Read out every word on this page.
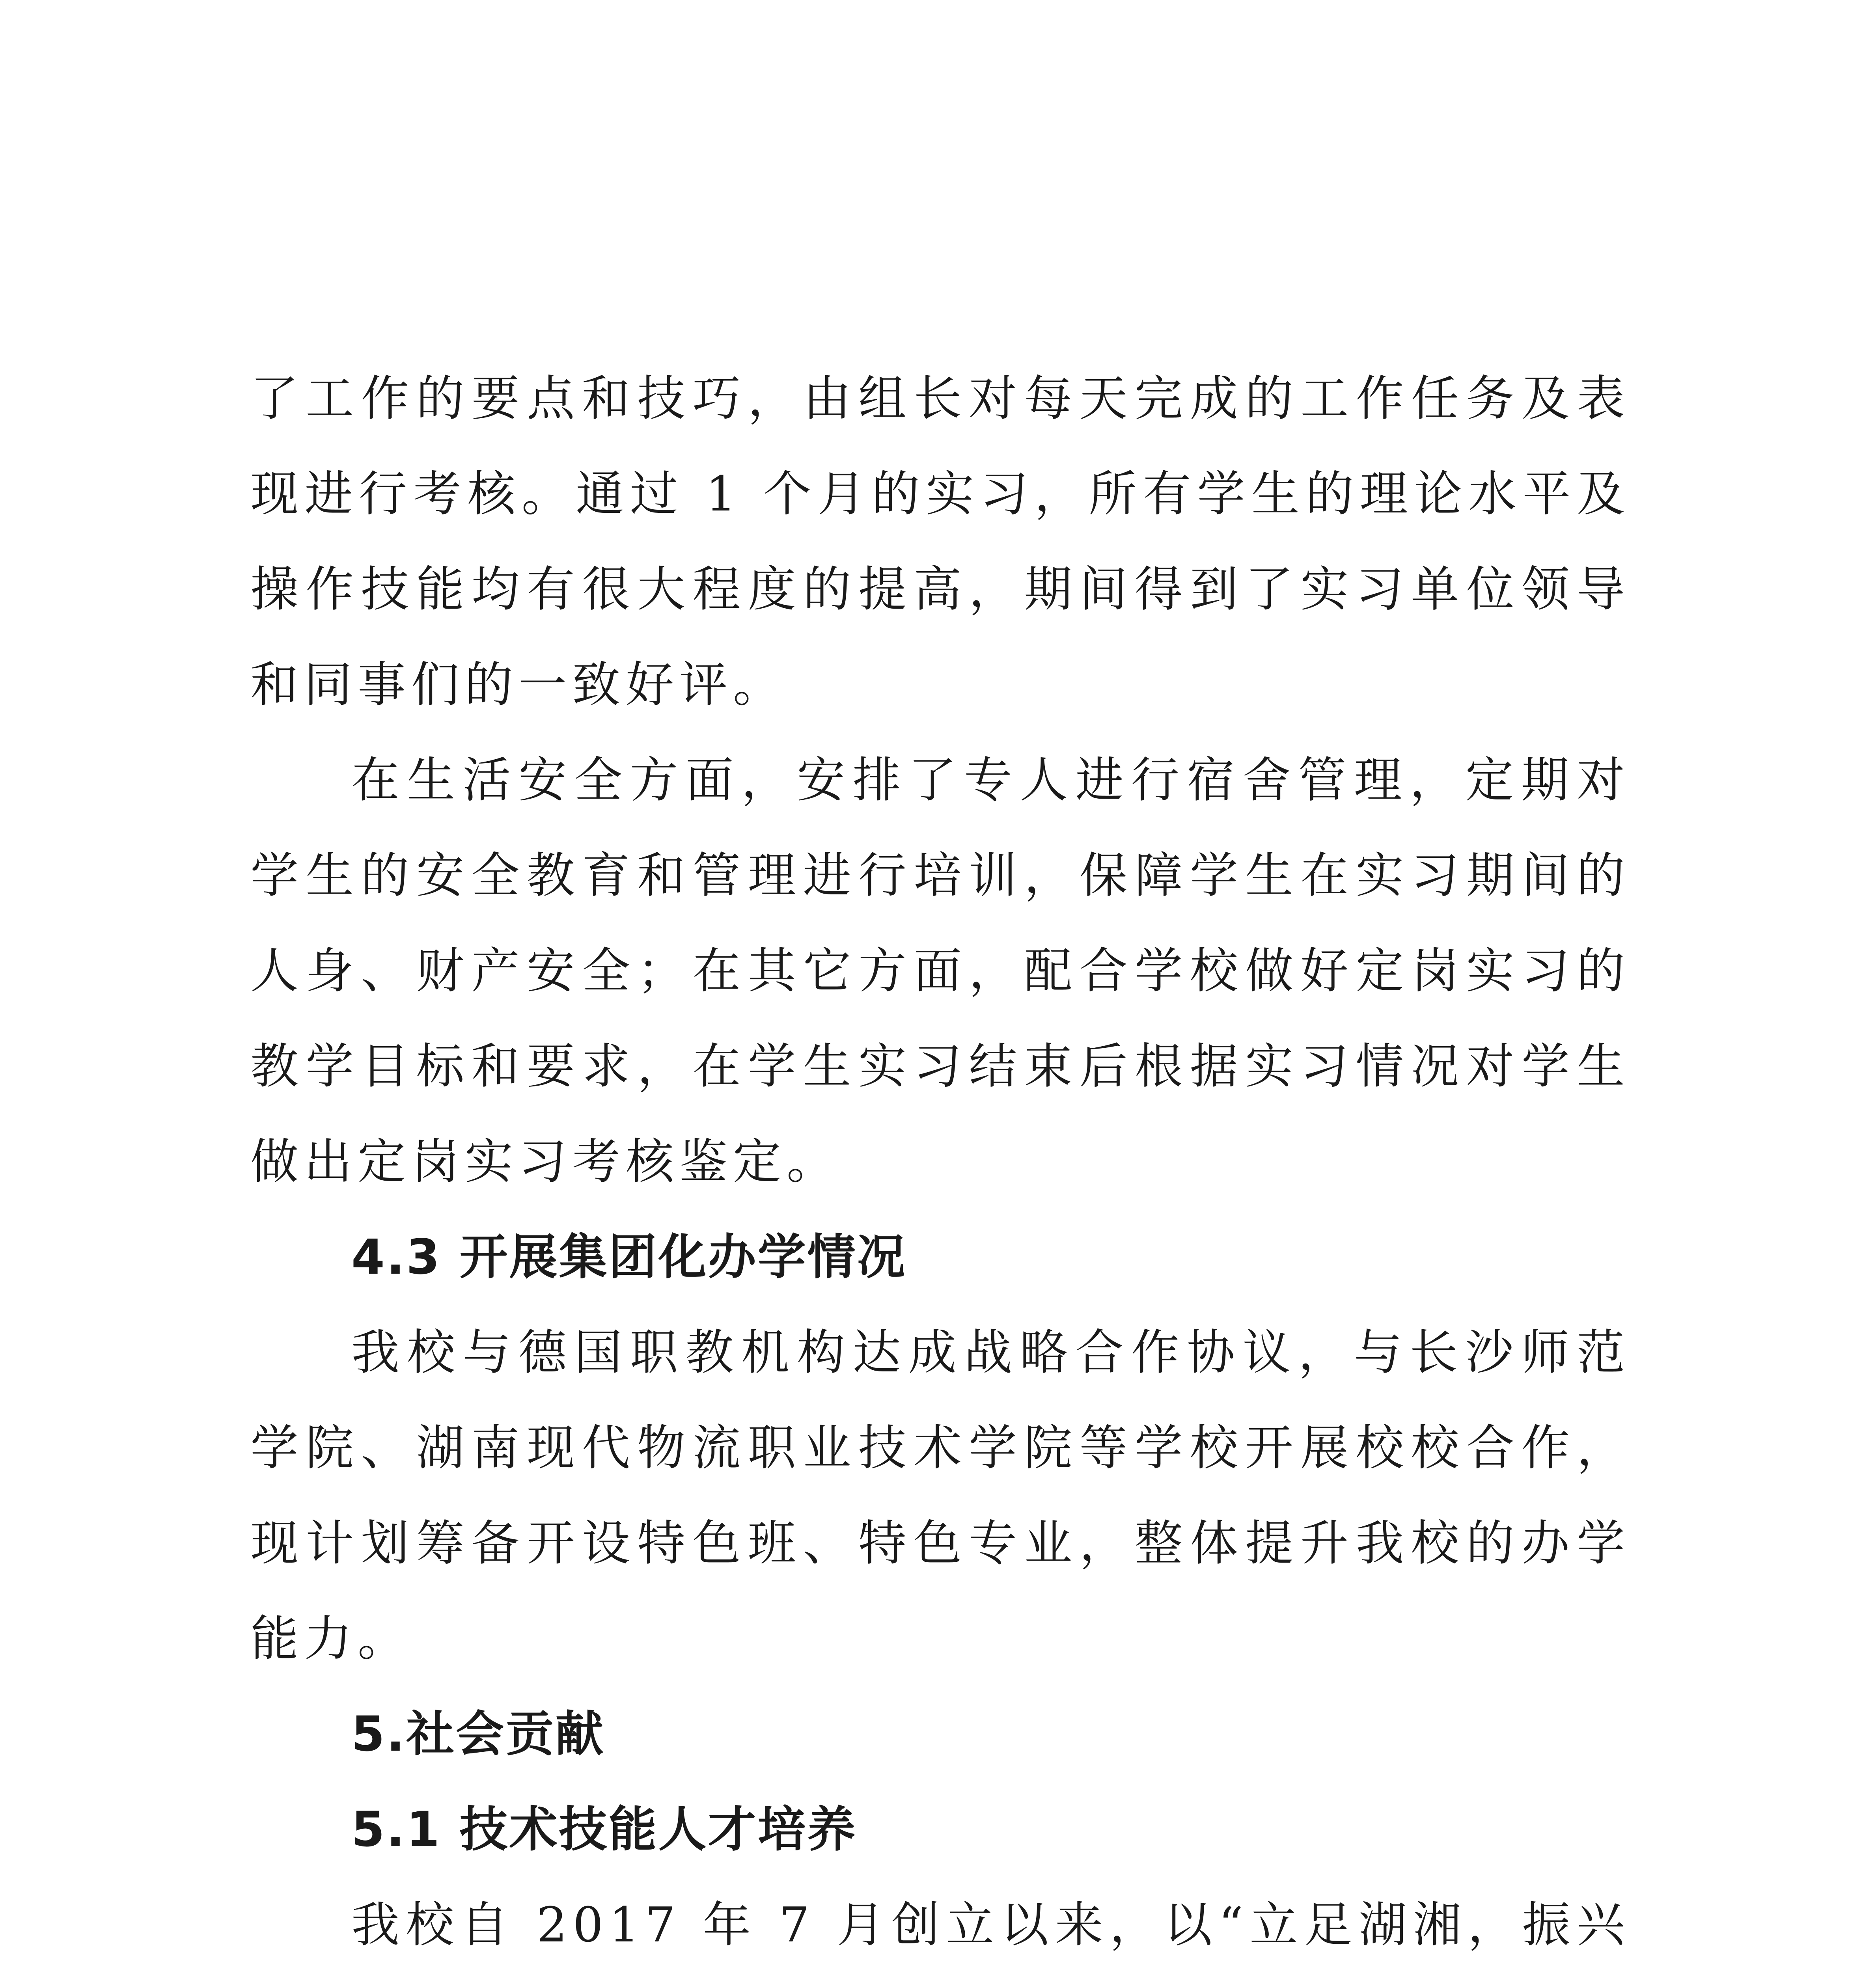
了工作的要点和技巧，由组长对每天完成的工作任务及表现进行考核。通过 1 个月的实习，所有学生的理论水平及操作技能均有很大程度的提高，期间得到了实习单位领导和同事们的一致好评。

在生活安全方面，安排了专人进行宿舍管理，定期对学生的安全教育和管理进行培训，保障学生在实习期间的人身、财产安全；在其它方面，配合学校做好定岗实习的教学目标和要求，在学生实习结束后根据实习情况对学生做出定岗实习考核鉴定。

4.3 开展集团化办学情况

我校与德国职教机构达成战略合作协议，与长沙师范学院、湖南现代物流职业技术学院等学校开展校校合作，现计划筹备开设特色班、特色专业，整体提升我校的办学能力。

5.社会贡献

5.1 技术技能人才培养

我校自 2017 年 7 月创立以来，以“立足湖湘，振兴
